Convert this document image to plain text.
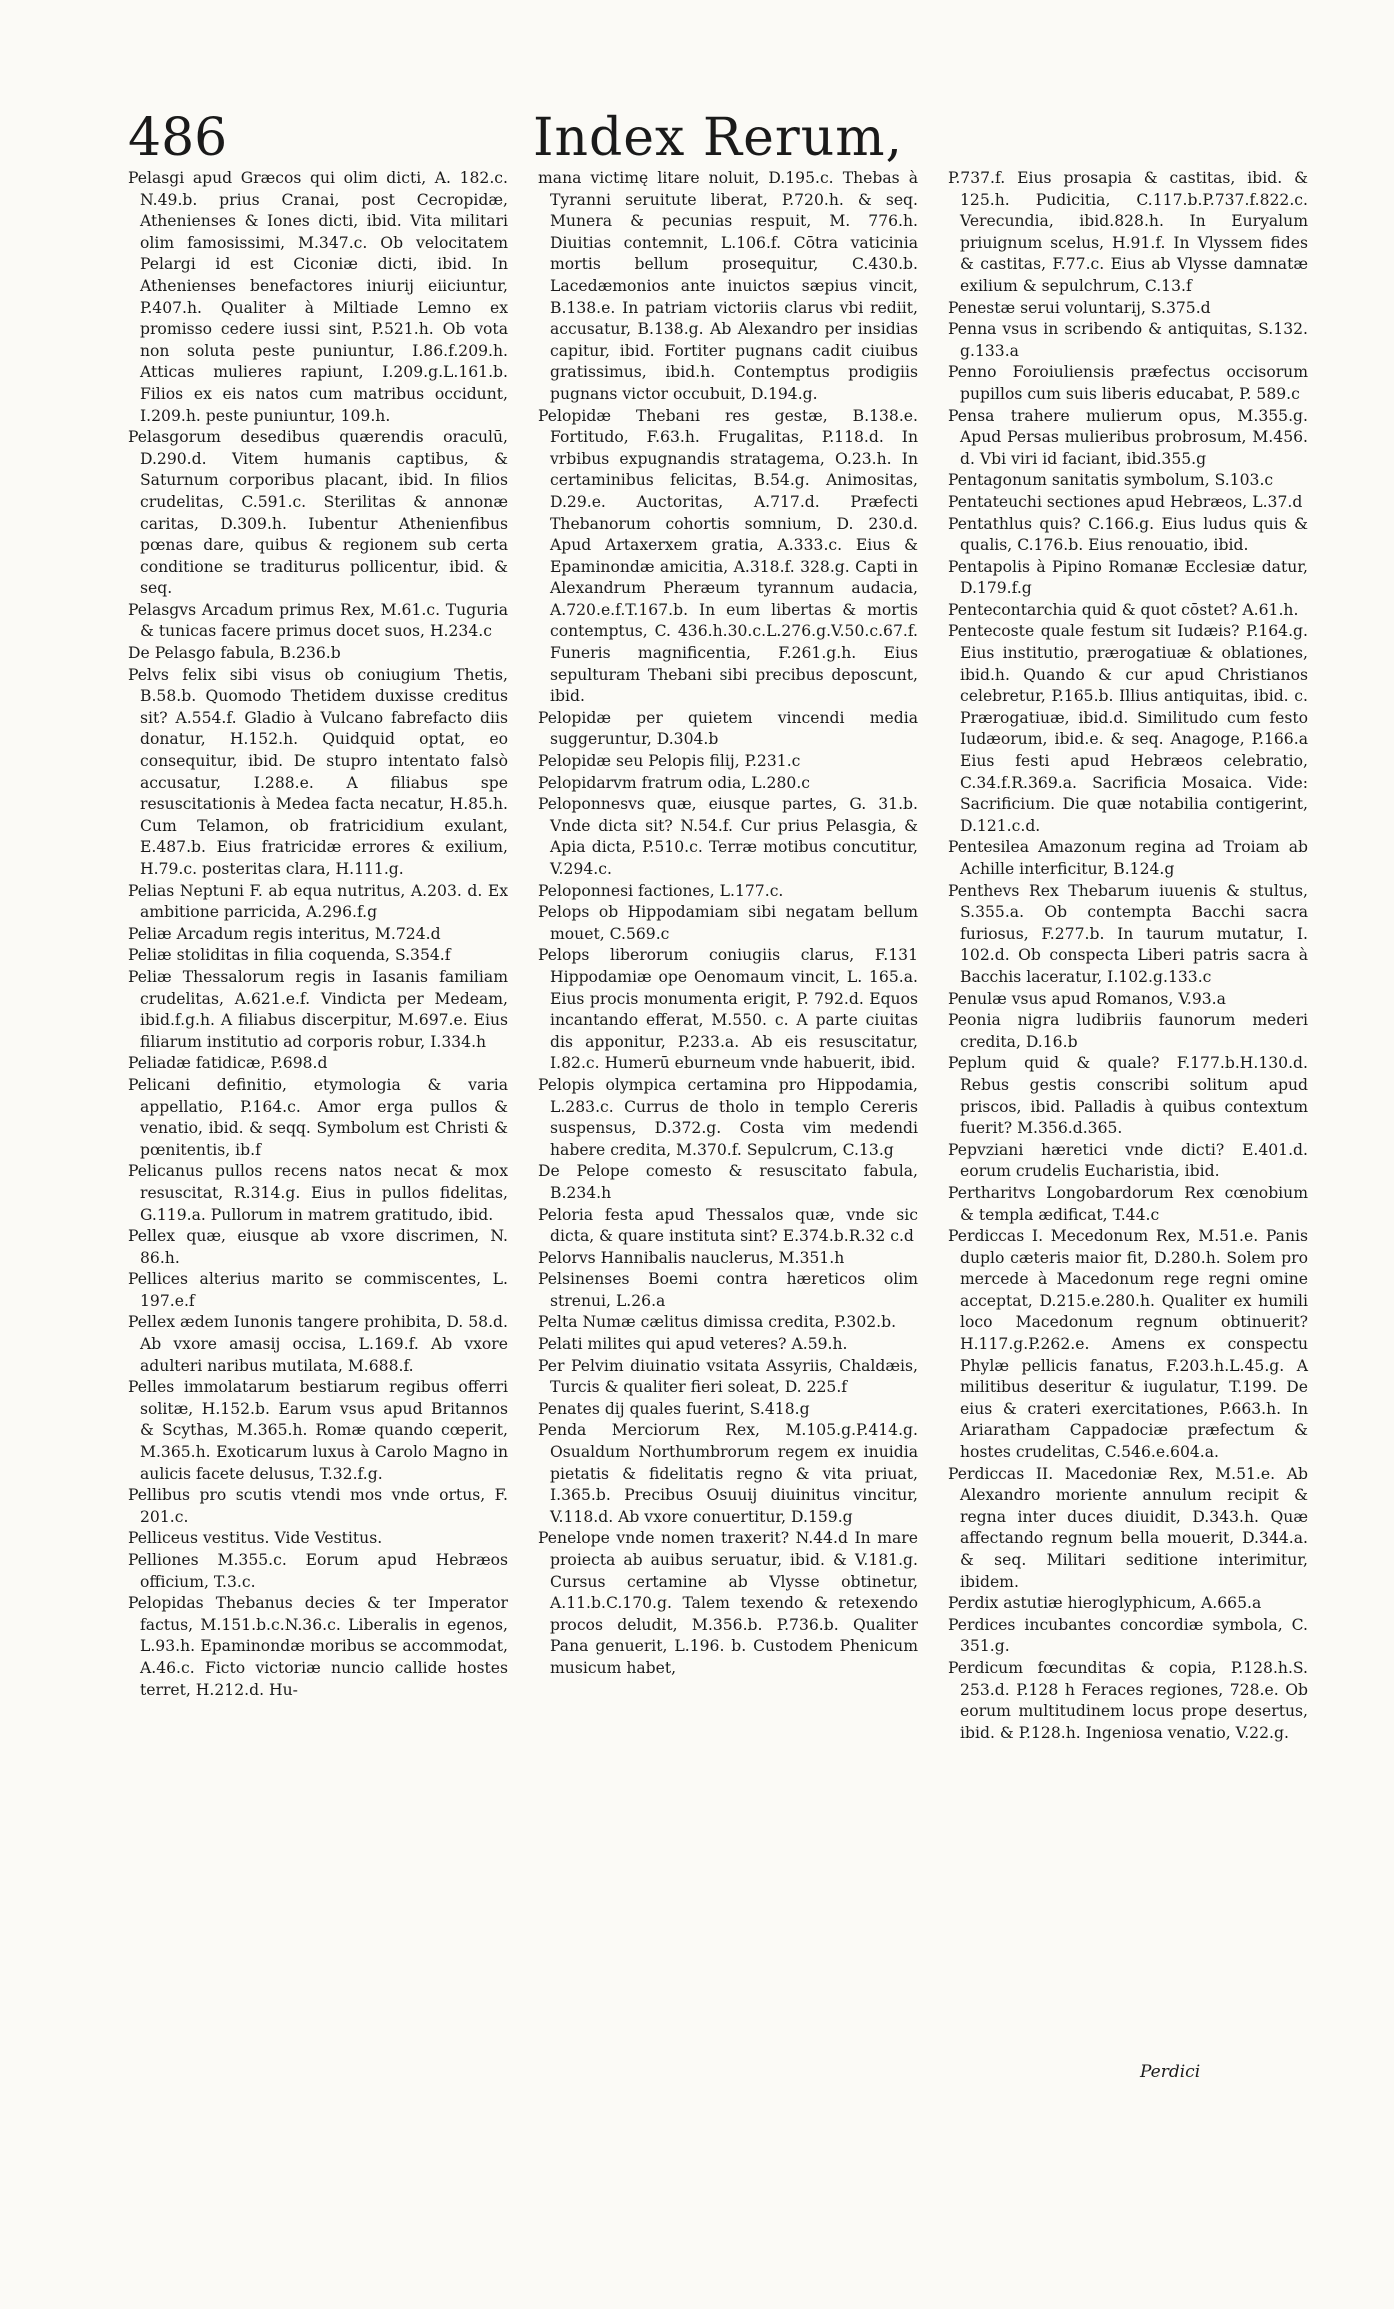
486	Index Rerum,

Pelasgi apud Græcos qui olim dicti, A. 182.c. N.49.b. prius Cranai, post Cecropidæ, Athenienses & Iones dicti, ibid. Vita militari olim famosissimi, M.347.c. Ob velocitatem Pelargi id est Ciconiæ dicti, ibid. In Athenienses benefactores iniurij eiiciuntur, P.407.h. Qualiter à Miltiade Lemno ex promisso cedere iussi sint, P.521.h. Ob vota non soluta peste puniuntur, I.86.f.209.h. Atticas mulieres rapiunt, I.209.g.L.161.b. Filios ex eis natos cum matribus occidunt, I.209.h. peste puniuntur, 109.h.

Pelasgorum desedibus quærendis oraculū, D.290.d. Vitem humanis captibus, & Saturnum corporibus placant, ibid. In filios crudelitas, C.591.c. Sterilitas & annonæ caritas, D.309.h. Iubentur Athenienfibus pœnas dare, quibus & regionem sub certa conditione se traditurus pollicentur, ibid. & seq.

Pelasgvs Arcadum primus Rex, M.61.c. Tuguria & tunicas facere primus docet suos, H.234.c

De Pelasgo fabula, B.236.b

Pelvs felix sibi visus ob coniugium Thetis, B.58.b. Quomodo Thetidem duxisse creditus sit? A.554.f. Gladio à Vulcano fabrefacto diis donatur, H.152.h. Quidquid optat, eo consequitur, ibid. De stupro intentato falsò accusatur, I.288.e. A filiabus spe resuscitationis à Medea facta necatur, H.85.h. Cum Telamon, ob fratricidium exulant, E.487.b. Eius fratricidæ errores & exilium, H.79.c. posteritas clara, H.111.g.

Pelias Neptuni F. ab equa nutritus, A.203. d. Ex ambitione parricida, A.296.f.g

Peliæ Arcadum regis interitus, M.724.d

Peliæ stoliditas in filia coquenda, S.354.f

Peliæ Thessalorum regis in Iasanis familiam crudelitas, A.621.e.f. Vindicta per Medeam, ibid.f.g.h. A filiabus discerpitur, M.697.e. Eius filiarum institutio ad corporis robur, I.334.h

Peliadæ fatidicæ, P.698.d

Pelicani definitio, etymologia & varia appellatio, P.164.c. Amor erga pullos & venatio, ibid. & seqq. Symbolum est Christi & pœnitentis, ib.f

Pelicanus pullos recens natos necat & mox resuscitat, R.314.g. Eius in pullos fidelitas, G.119.a. Pullorum in matrem gratitudo, ibid.

Pellex quæ, eiusque ab vxore discrimen, N. 86.h.

Pellices alterius marito se commiscentes, L. 197.e.f

Pellex ædem Iunonis tangere prohibita, D. 58.d. Ab vxore amasij occisa, L.169.f. Ab vxore adulteri naribus mutilata, M.688.f.

Pelles immolatarum bestiarum regibus offerri solitæ, H.152.b. Earum vsus apud Britannos & Scythas, M.365.h. Romæ quando cœperit, M.365.h. Exoticarum luxus à Carolo Magno in aulicis facete delusus, T.32.f.g.

Pellibus pro scutis vtendi mos vnde ortus, F. 201.c.

Pelliceus vestitus. Vide Vestitus.

Pelliones M.355.c. Eorum apud Hebræos officium, T.3.c.

Pelopidas Thebanus decies & ter Imperator factus, M.151.b.c.N.36.c. Liberalis in egenos, L.93.h. Epaminondæ moribus se accommodat, A.46.c. Ficto victoriæ nuncio callide hostes terret, H.212.d. Hu-

mana victimę litare noluit, D.195.c. Thebas à Tyranni seruitute liberat, P.720.h. & seq. Munera & pecunias respuit, M. 776.h. Diuitias contemnit, L.106.f. Cōtra vaticinia mortis bellum prosequitur, C.430.b. Lacedæmonios ante inuictos sæpius vincit, B.138.e. In patriam victoriis clarus vbi rediit, accusatur, B.138.g. Ab Alexandro per insidias capitur, ibid. Fortiter pugnans cadit ciuibus gratissimus, ibid.h. Contemptus prodigiis pugnans victor occubuit, D.194.g.

Pelopidæ Thebani res gestæ, B.138.e. Fortitudo, F.63.h. Frugalitas, P.118.d. In vrbibus expugnandis stratagema, O.23.h. In certaminibus felicitas, B.54.g. Animositas, D.29.e. Auctoritas, A.717.d. Præfecti Thebanorum cohortis somnium, D. 230.d. Apud Artaxerxem gratia, A.333.c. Eius & Epaminondæ amicitia, A.318.f. 328.g. Capti in Alexandrum Pheræum tyrannum audacia, A.720.e.f.T.167.b. In eum libertas & mortis contemptus, C. 436.h.30.c.L.276.g.V.50.c.67.f. Funeris magnificentia, F.261.g.h. Eius sepulturam Thebani sibi precibus deposcunt, ibid.

Pelopidæ per quietem vincendi media suggeruntur, D.304.b

Pelopidæ seu Pelopis filij, P.231.c

Pelopidarvm fratrum odia, L.280.c

Peloponnesvs quæ, eiusque partes, G. 31.b. Vnde dicta sit? N.54.f. Cur prius Pelasgia, & Apia dicta, P.510.c. Terræ motibus concutitur, V.294.c.

Peloponnesi factiones, L.177.c.

Pelops ob Hippodamiam sibi negatam bellum mouet, C.569.c

Pelops liberorum coniugiis clarus, F.131 Hippodamiæ ope Oenomaum vincit, L. 165.a. Eius procis monumenta erigit, P. 792.d. Equos incantando efferat, M.550. c. A parte ciuitas dis apponitur, P.233.a. Ab eis resuscitatur, I.82.c. Humerū eburneum vnde habuerit, ibid.

Pelopis olympica certamina pro Hippodamia, L.283.c. Currus de tholo in templo Cereris suspensus, D.372.g. Costa vim medendi habere credita, M.370.f. Sepulcrum, C.13.g

De Pelope comesto & resuscitato fabula, B.234.h

Peloria festa apud Thessalos quæ, vnde sic dicta, & quare instituta sint? E.374.b.R.32 c.d

Pelorvs Hannibalis nauclerus, M.351.h

Pelsinenses Boemi contra hæreticos olim strenui, L.26.a

Pelta Numæ cælitus dimissa credita, P.302.b.

Pelati milites qui apud veteres? A.59.h.

Per Pelvim diuinatio vsitata Assyriis, Chaldæis, Turcis & qualiter fieri soleat, D. 225.f

Penates dij quales fuerint, S.418.g

Penda Merciorum Rex, M.105.g.P.414.g. Osualdum Northumbrorum regem ex inuidia pietatis & fidelitatis regno & vita priuat, I.365.b. Precibus Osuuij diuinitus vincitur, V.118.d. Ab vxore conuertitur, D.159.g

Penelope vnde nomen traxerit? N.44.d In mare proiecta ab auibus seruatur, ibid. & V.181.g. Cursus certamine ab Vlysse obtinetur, A.11.b.C.170.g. Talem texendo & retexendo procos deludit, M.356.b. P.736.b. Qualiter Pana genuerit, L.196. b. Custodem Phenicum musicum habet,

P.737.f. Eius prosapia & castitas, ibid. & 125.h. Pudicitia, C.117.b.P.737.f.822.c. Verecundia, ibid.828.h. In Euryalum priuignum scelus, H.91.f. In Vlyssem fides & castitas, F.77.c. Eius ab Vlysse damnatæ exilium & sepulchrum, C.13.f

Penestæ serui voluntarij, S.375.d

Penna vsus in scribendo & antiquitas, S.132. g.133.a

Penno Foroiuliensis præfectus occisorum pupillos cum suis liberis educabat, P. 589.c

Pensa trahere mulierum opus, M.355.g. Apud Persas mulieribus probrosum, M.456. d. Vbi viri id faciant, ibid.355.g

Pentagonum sanitatis symbolum, S.103.c

Pentateuchi sectiones apud Hebræos, L.37.d

Pentathlus quis? C.166.g. Eius ludus quis & qualis, C.176.b. Eius renouatio, ibid.

Pentapolis à Pipino Romanæ Ecclesiæ datur, D.179.f.g

Pentecontarchia quid & quot cōstet? A.61.h.

Pentecoste quale festum sit Iudæis? P.164.g. Eius institutio, prærogatiuæ & oblationes, ibid.h. Quando & cur apud Christianos celebretur, P.165.b. Illius antiquitas, ibid. c. Prærogatiuæ, ibid.d. Similitudo cum festo Iudæorum, ibid.e. & seq. Anagoge, P.166.a Eius festi apud Hebræos celebratio, C.34.f.R.369.a. Sacrificia Mosaica. Vide: Sacrificium. Die quæ notabilia contigerint, D.121.c.d.

Pentesilea Amazonum regina ad Troiam ab Achille interficitur, B.124.g

Penthevs Rex Thebarum iuuenis & stultus, S.355.a. Ob contempta Bacchi sacra furiosus, F.277.b. In taurum mutatur, I. 102.d. Ob conspecta Liberi patris sacra à Bacchis laceratur, I.102.g.133.c

Penulæ vsus apud Romanos, V.93.a

Peonia nigra ludibriis faunorum mederi credita, D.16.b

Peplum quid & quale? F.177.b.H.130.d. Rebus gestis conscribi solitum apud priscos, ibid. Palladis à quibus contextum fuerit? M.356.d.365.

Pepvziani hæretici vnde dicti? E.401.d. eorum crudelis Eucharistia, ibid.

Pertharitvs Longobardorum Rex cœnobium & templa ædificat, T.44.c

Perdiccas I. Mecedonum Rex, M.51.e. Panis duplo cæteris maior fit, D.280.h. Solem pro mercede à Macedonum rege regni omine acceptat, D.215.e.280.h. Qualiter ex humili loco Macedonum regnum obtinuerit? H.117.g.P.262.e. Amens ex conspectu Phylæ pellicis fanatus, F.203.h.L.45.g. A militibus deseritur & iugulatur, T.199. De eius & crateri exercitationes, P.663.h. In Ariaratham Cappadociæ præfectum & hostes crudelitas, C.546.e.604.a.

Perdiccas II. Macedoniæ Rex, M.51.e. Ab Alexandro moriente annulum recipit & regna inter duces diuidit, D.343.h. Quæ affectando regnum bella mouerit, D.344.a. & seq. Militari seditione interimitur, ibidem.

Perdix astutiæ hieroglyphicum, A.665.a

Perdices incubantes concordiæ symbola, C. 351.g.

Perdicum fœcunditas & copia, P.128.h.S. 253.d. P.128 h Feraces regiones, 728.e. Ob eorum multitudinem locus prope desertus, ibid. & P.128.h. Ingeniosa venatio, V.22.g.

Perdici
